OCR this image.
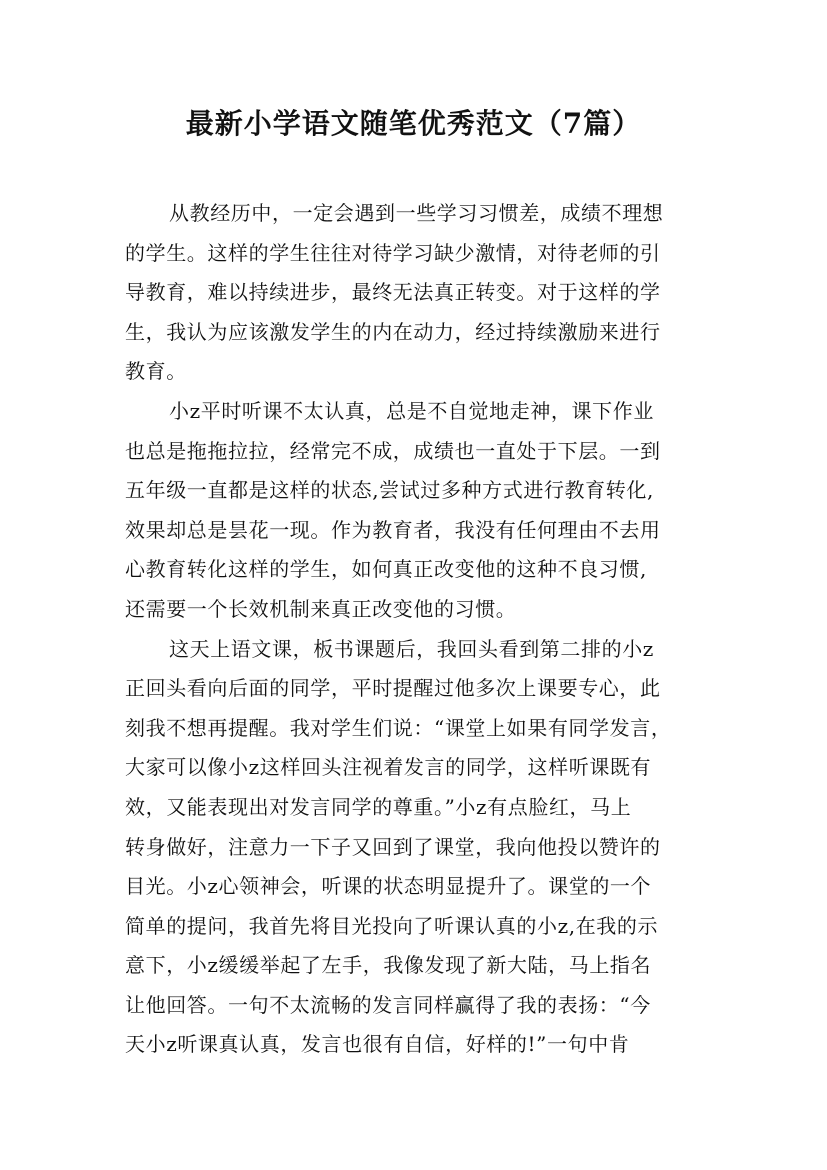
最新小学语文随笔优秀范文（7篇）
从教经历中，一定会遇到一些学习习惯差，成绩不理想
的学生。这样的学生往往对待学习缺少激情，对待老师的引
导教育，难以持续进步，最终无法真正转变。对于这样的学
生，我认为应该激发学生的内在动力，经过持续激励来进行
教育。
小z平时听课不太认真，总是不自觉地走神，课下作业
也总是拖拖拉拉，经常完不成，成绩也一直处于下层。一到
五年级一直都是这样的状态,尝试过多种方式进行教育转化,
效果却总是昙花一现。作为教育者，我没有任何理由不去用
心教育转化这样的学生，如何真正改变他的这种不良习惯,
还需要一个长效机制来真正改变他的习惯。
这天上语文课，板书课题后，我回头看到第二排的小z
正回头看向后面的同学，平时提醒过他多次上课要专心，此
刻我不想再提醒。我对学生们说：“课堂上如果有同学发言，
大家可以像小z这样回头注视着发言的同学，这样听课既有
效，又能表现出对发言同学的尊重。”小z有点脸红，马上
转身做好，注意力一下子又回到了课堂，我向他投以赞许的
目光。小z心领神会，听课的状态明显提升了。课堂的一个
简单的提问，我首先将目光投向了听课认真的小z,在我的示
意下，小z缓缓举起了左手，我像发现了新大陆，马上指名
让他回答。一句不太流畅的发言同样赢得了我的表扬：“今
天小z听课真认真，发言也很有自信，好样的!”一句中肯
